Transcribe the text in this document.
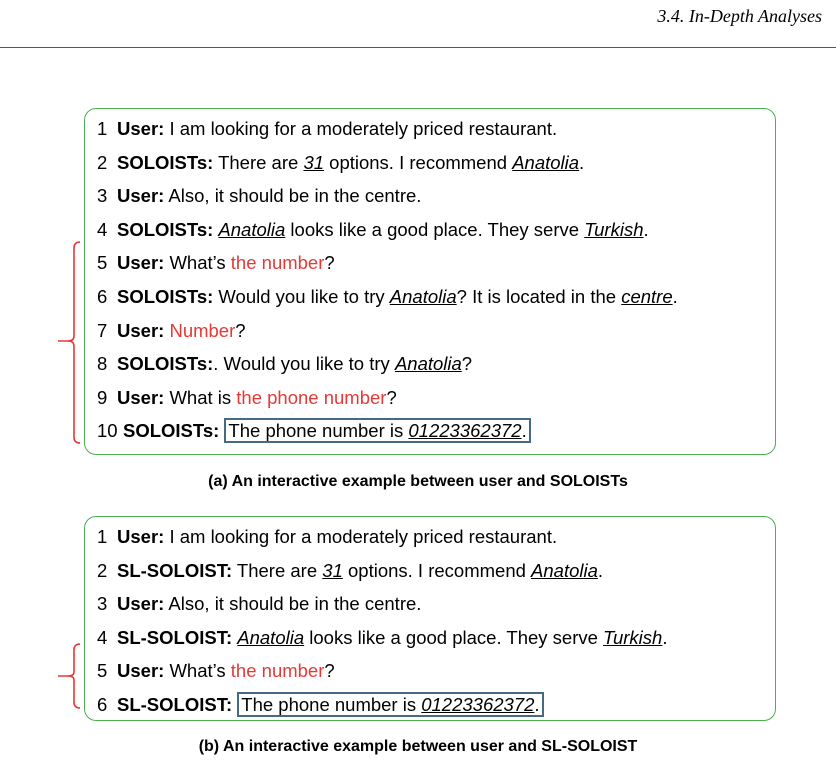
3.4. In-Depth Analyses
1 User: I am looking for a moderately priced restaurant.
2 SOLOISTs: There are 31 options. I recommend Anatolia.
3 User: Also, it should be in the centre.
4 SOLOISTs: Anatolia looks like a good place. They serve Turkish.
5 User: What’s the number?
6 SOLOISTs: Would you like to try Anatolia? It is located in the centre.
7 User: Number?
8 SOLOISTs:. Would you like to try Anatolia?
9 User: What is the phone number?
10 SOLOISTs: The phone number is 01223362372.
(a) An interactive example between user and SOLOISTs
1 User: I am looking for a moderately priced restaurant.
2 SL-SOLOIST: There are 31 options. I recommend Anatolia.
3 User: Also, it should be in the centre.
4 SL-SOLOIST: Anatolia looks like a good place. They serve Turkish.
5 User: What’s the number?
6 SL-SOLOIST: The phone number is 01223362372.
(b) An interactive example between user and SL-SOLOIST
